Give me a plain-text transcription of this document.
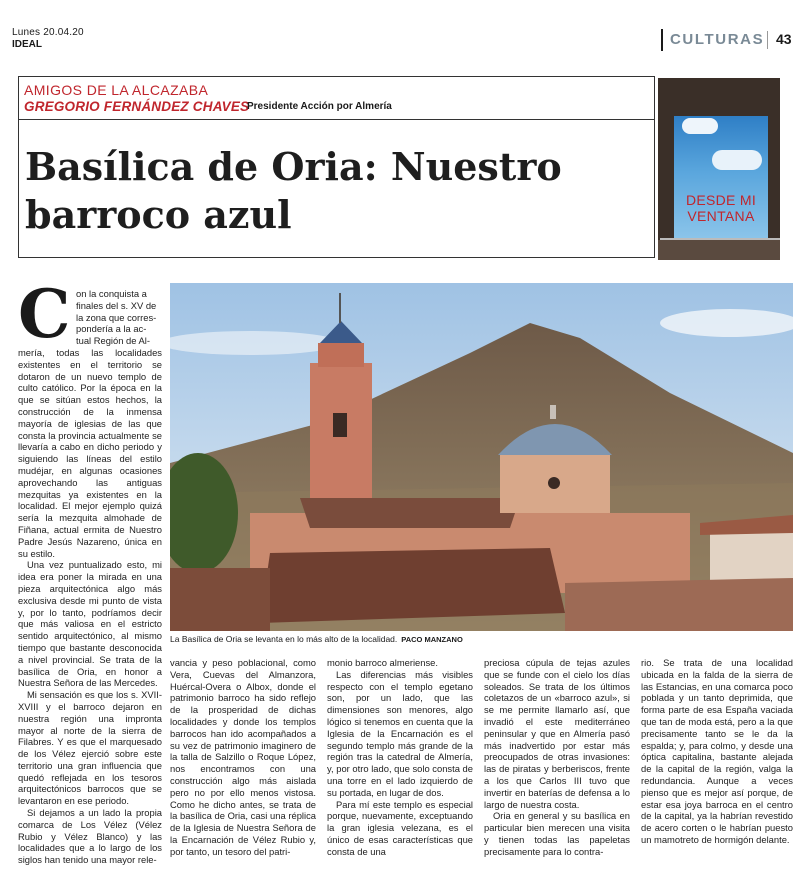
Lunes 20.04.20
IDEAL	CULTURAS 43
AMIGOS DE LA ALCAZABA
GREGORIO FERNÁNDEZ CHAVES
Presidente Acción por Almería
Basílica de Oria: Nuestro
barroco azul	DESDE MI
VENTANA
La Basílica de Oria se levanta en lo más alto de la localidad. PACO MANZANO
C on la conquista a
finales del s. XV de
la zona que corres-
pondería a la ac-
tual Región de Al-

mería, todas las localidades existentes en el territorio se dotaron de un nuevo templo de culto católico. Por la época en la que se sitúan estos hechos, la construcción de la inmensa mayoría de iglesias de las que consta la provincia actualmente se llevaría a cabo en dicho periodo y siguiendo las líneas del estilo mudéjar, en algunas ocasiones aprovechando las antiguas mezquitas ya existentes en la localidad. El mejor ejemplo quizá sería la mezquita almohade de Fiñana, actual ermita de Nuestro Padre Jesús Nazareno, única en su estilo.

Una vez puntualizado esto, mi idea era poner la mirada en una pieza arquitectónica algo más exclusiva desde mi punto de vista y, por lo tanto, podríamos decir que más valiosa en el estricto sentido arquitectónico, al mismo tiempo que bastante desconocida a nivel provincial. Se trata de la basílica de Oria, en honor a Nuestra Señora de las Mercedes.

Mi sensación es que los s. XVII-XVIII y el barroco dejaron en nuestra región una impronta mayor al norte de la sierra de Filabres. Y es que el marquesado de los Vélez ejerció sobre este territorio una gran influencia que quedó reflejada en los tesoros arquitectónicos barrocos que se levantaron en ese periodo.

Si dejamos a un lado la propia comarca de Los Vélez (Vélez Rubio y Vélez Blanco) y las localidades que a lo largo de los siglos han tenido una mayor rele-

vancia y peso poblacional, como Vera, Cuevas del Almanzora, Huércal-Overa o Albox, donde el patrimonio barroco ha sido reflejo de la prosperidad de dichas localidades y donde los templos barrocos han ido acompañados a su vez de patrimonio imaginero de la talla de Salzillo o Roque López, nos encontramos con una construcción algo más aislada pero no por ello menos vistosa. Como he dicho antes, se trata de la basílica de Oria, casi una réplica de la Iglesia de Nuestra Señora de la Encarnación de Vélez Rubio y, por tanto, un tesoro del patri-

monio barroco almeriense.

Las diferencias más visibles respecto con el templo egetano son, por un lado, que las dimensiones son menores, algo lógico si tenemos en cuenta que la Iglesia de la Encarnación es el segundo templo más grande de la región tras la catedral de Almería, y, por otro lado, que solo consta de una torre en el lado izquierdo de su portada, en lugar de dos.

Para mí este templo es especial porque, nuevamente, exceptuando la gran iglesia velezana, es el único de esas características que consta de una

preciosa cúpula de tejas azules que se funde con el cielo los días soleados. Se trata de los últimos coletazos de un «barroco azul», si se me permite llamarlo así, que invadió el este mediterráneo peninsular y que en Almería pasó más inadvertido por estar más preocupados de otras invasiones: las de piratas y berberiscos, frente a los que Carlos III tuvo que invertir en baterías de defensa a lo largo de nuestra costa.

Oria en general y su basílica en particular bien merecen una visita y tienen todas las papeletas precisamente para lo contra-

rio. Se trata de una localidad ubicada en la falda de la sierra de las Estancias, en una comarca poco poblada y un tanto deprimida, que forma parte de esa España vaciada que tan de moda está, pero a la que precisamente tanto se le da la espalda; y, para colmo, y desde una óptica capitalina, bastante alejada de la capital de la región, valga la redundancia. Aunque a veces pienso que es mejor así porque, de estar esa joya barroca en el centro de la capital, ya la habrían revestido de acero corten o le habrían puesto un mamotreto de hormigón delante.
